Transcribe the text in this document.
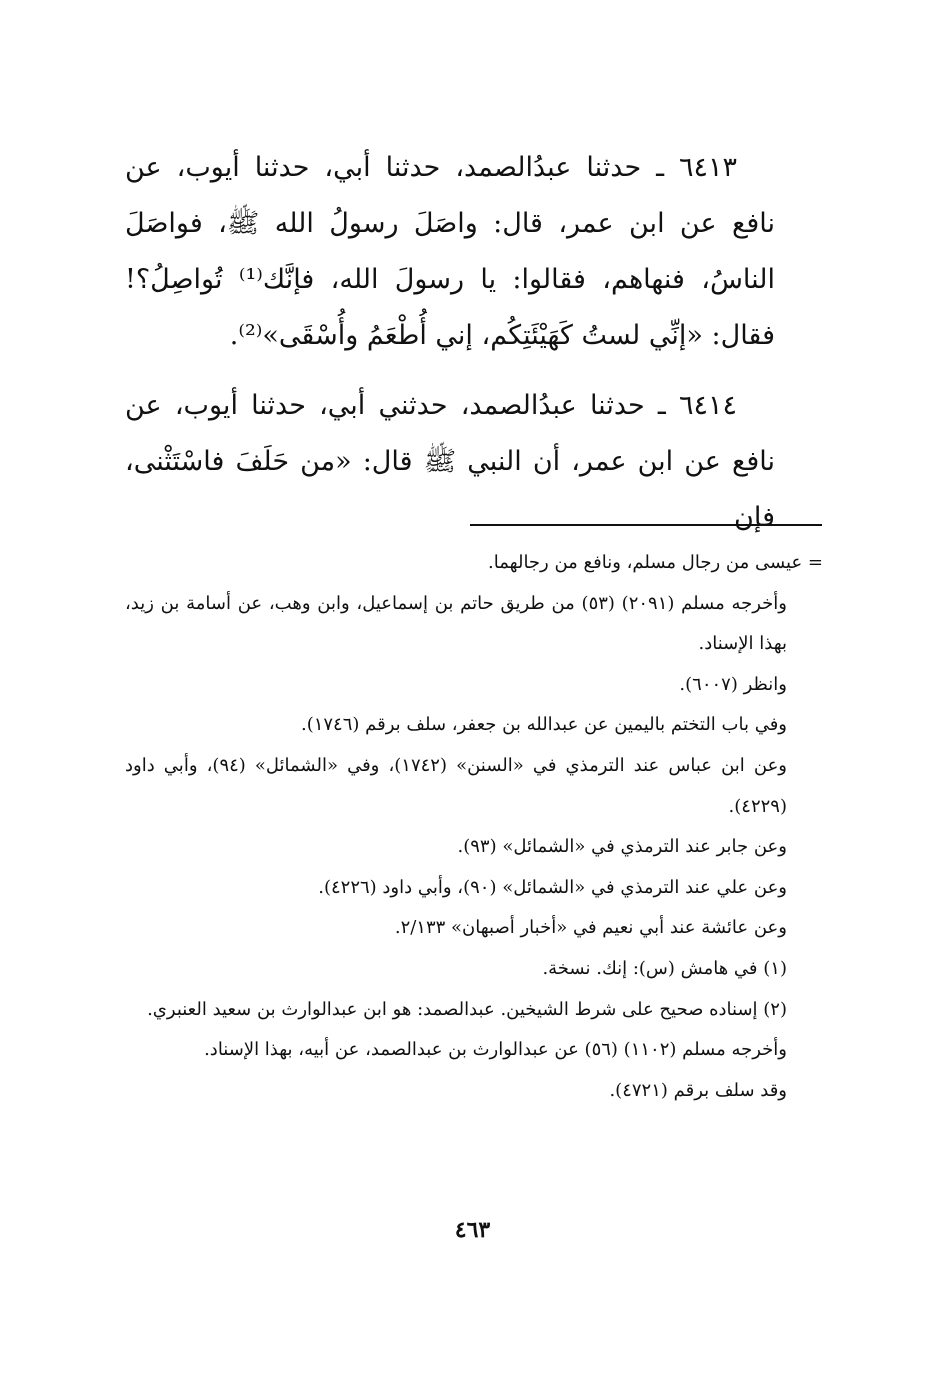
٦٤١٣ ـ حدثنا عبدُالصمد، حدثنا أبي، حدثنا أيوب، عن نافع عن ابن عمر، قال: واصَلَ رسولُ الله ﷺ، فواصَلَ الناسُ، فنهاهم، فقالوا: يا رسولَ الله، فإنَّك⁽¹⁾ تُواصِلُ؟! فقال: «إنِّي لستُ كَهَيْئَتِكُم، إني أُطْعَمُ وأُسْقَى»⁽²⁾.

٦٤١٤ ـ حدثنا عبدُالصمد، حدثني أبي، حدثنا أيوب، عن نافع عن ابن عمر، أن النبي ﷺ قال: «من حَلَفَ فاسْتَثْنى، فإن

= عيسى من رجال مسلم، ونافع من رجالهما.

وأخرجه مسلم (٢٠٩١) (٥٣) من طريق حاتم بن إسماعيل، وابن وهب، عن أسامة بن زيد، بهذا الإسناد.

وانظر (٦٠٠٧).

وفي باب التختم باليمين عن عبدالله بن جعفر، سلف برقم (١٧٤٦).

وعن ابن عباس عند الترمذي في «السنن» (١٧٤٢)، وفي «الشمائل» (٩٤)، وأبي داود (٤٢٢٩).

وعن جابر عند الترمذي في «الشمائل» (٩٣).

وعن علي عند الترمذي في «الشمائل» (٩٠)، وأبي داود (٤٢٢٦).

وعن عائشة عند أبي نعيم في «أخبار أصبهان» ٢/١٣٣.

(١) في هامش (س): إنك. نسخة.

(٢) إسناده صحيح على شرط الشيخين. عبدالصمد: هو ابن عبدالوارث بن سعيد العنبري.

وأخرجه مسلم (١١٠٢) (٥٦) عن عبدالوارث بن عبدالصمد، عن أبيه، بهذا الإسناد.

وقد سلف برقم (٤٧٢١).

٤٦٣
